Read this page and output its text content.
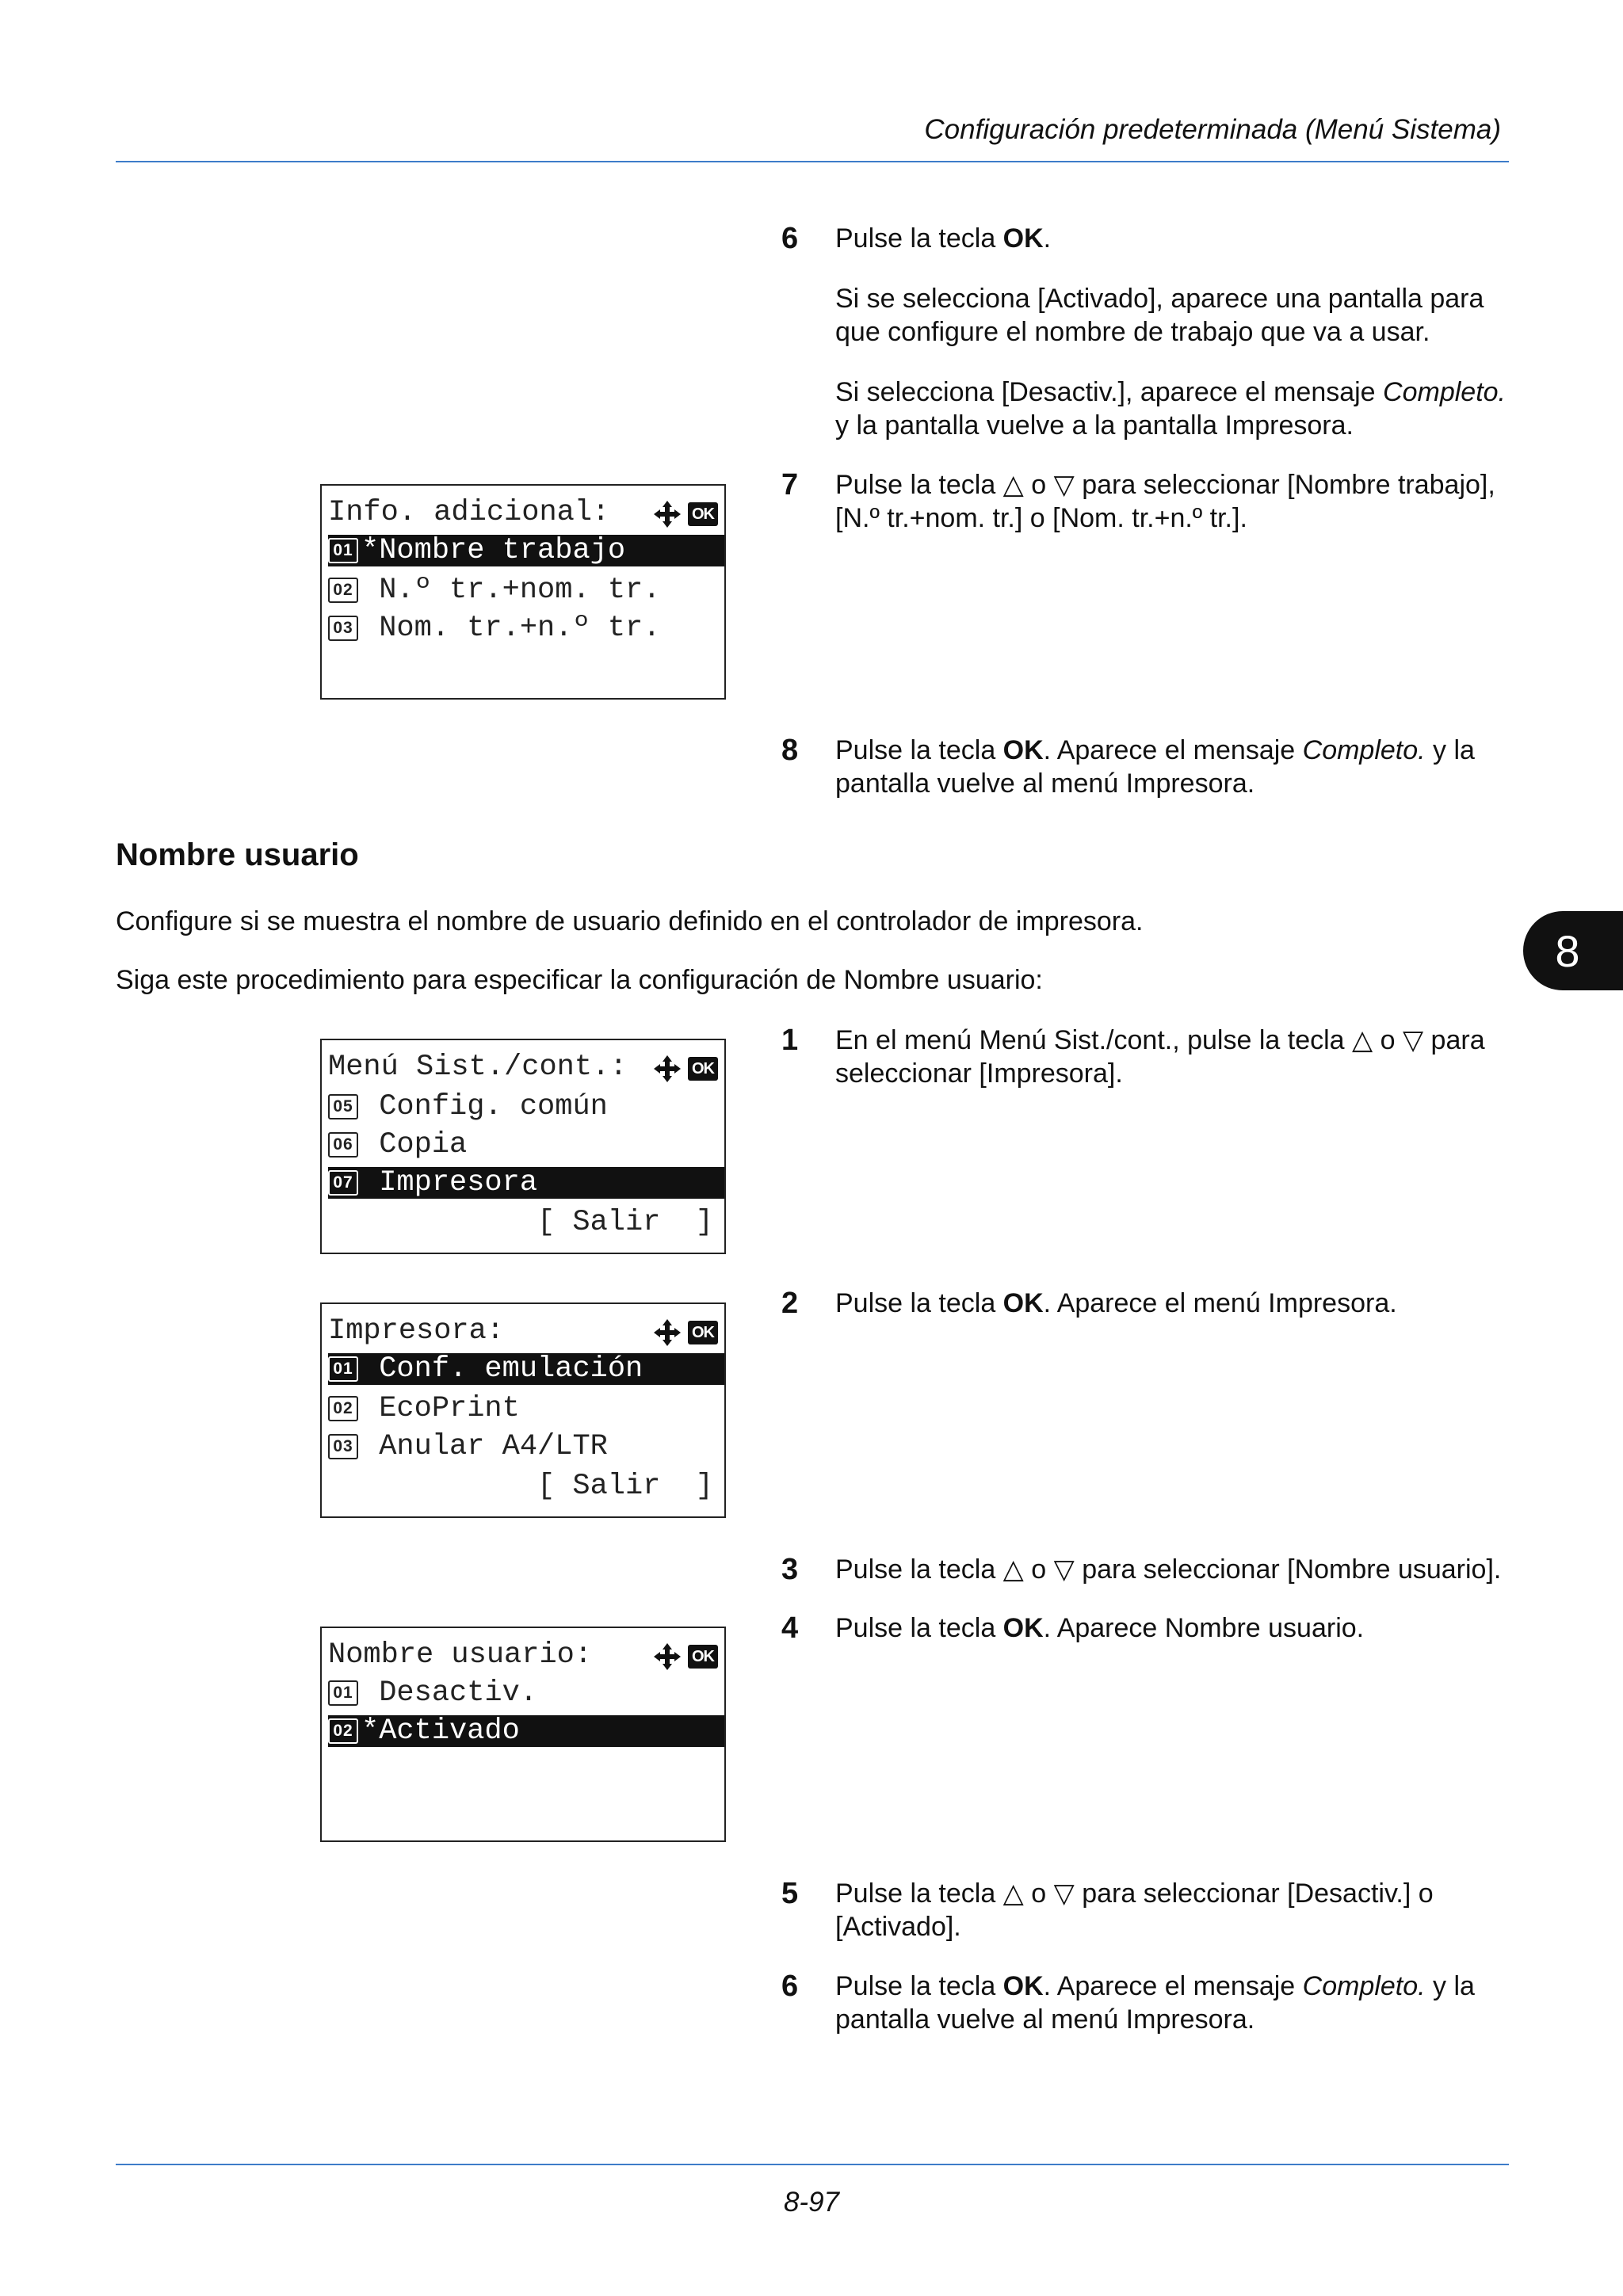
Configuración predeterminada (Menú Sistema)
6 Pulse la tecla OK.

Si se selecciona [Activado], aparece una pantalla para que configure el nombre de trabajo que va a usar.

Si selecciona [Desactiv.], aparece el mensaje Completo. y la pantalla vuelve a la pantalla Impresora.

7 Pulse la tecla △ o ▽ para seleccionar [Nombre trabajo], [N.º tr.+nom. tr.] o [Nom. tr.+n.º tr.].

8 Pulse la tecla OK. Aparece el mensaje Completo. y la pantalla vuelve al menú Impresora.

Info. adicional:	OK
01 *Nombre trabajo
02 N.º tr.+nom. tr.
03 Nom. tr.+n.º tr.
Nombre usuario
Configure si se muestra el nombre de usuario definido en el controlador de impresora.
Siga este procedimiento para especificar la configuración de Nombre usuario:
8
1 En el menú Menú Sist./cont., pulse la tecla △ o ▽ para seleccionar [Impresora].

2 Pulse la tecla OK. Aparece el menú Impresora.

3 Pulse la tecla △ o ▽ para seleccionar [Nombre usuario].

4 Pulse la tecla OK. Aparece Nombre usuario.

5 Pulse la tecla △ o ▽ para seleccionar [Desactiv.] o [Activado].

6 Pulse la tecla OK. Aparece el mensaje Completo. y la pantalla vuelve al menú Impresora.

Menú Sist./cont.:	OK
05 Config. común
06 Copia
07 Impresora
[ Salir  ]
Impresora:	OK
01 Conf. emulación
02 EcoPrint
03 Anular A4/LTR
[ Salir  ]
Nombre usuario:	OK
01 Desactiv.
02 *Activado
8-97
